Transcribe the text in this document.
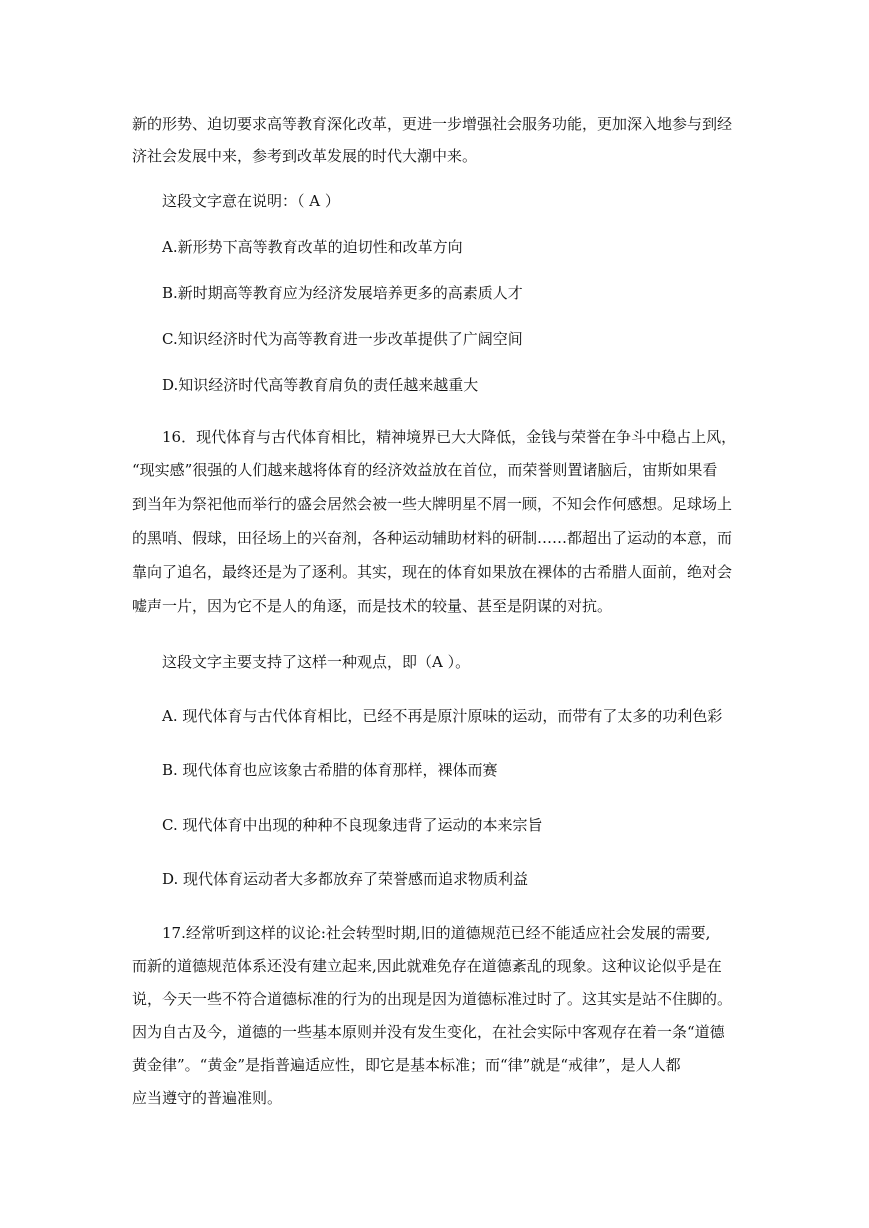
新的形势、迫切要求高等教育深化改革，更进一步增强社会服务功能，更加深入地参与到经
济社会发展中来，参考到改革发展的时代大潮中来。
这段文字意在说明：（ A ）
A.新形势下高等教育改革的迫切性和改革方向
B.新时期高等教育应为经济发展培养更多的高素质人才
C.知识经济时代为高等教育进一步改革提供了广阔空间
D.知识经济时代高等教育肩负的责任越来越重大
16．现代体育与古代体育相比，精神境界已大大降低，金钱与荣誉在争斗中稳占上风，
“现实感”很强的人们越来越将体育的经济效益放在首位，而荣誉则置诸脑后，宙斯如果看
到当年为祭祀他而举行的盛会居然会被一些大牌明星不屑一顾，不知会作何感想。足球场上
的黑哨、假球，田径场上的兴奋剂，各种运动辅助材料的研制……都超出了运动的本意，而
靠向了追名，最终还是为了逐利。其实，现在的体育如果放在裸体的古希腊人面前，绝对会
嘘声一片，因为它不是人的角逐，而是技术的较量、甚至是阴谋的对抗。
这段文字主要支持了这样一种观点，即（A ）。
A. 现代体育与古代体育相比，已经不再是原汁原味的运动，而带有了太多的功利色彩
B. 现代体育也应该象古希腊的体育那样，裸体而赛
C. 现代体育中出现的种种不良现象违背了运动的本来宗旨
D. 现代体育运动者大多都放弃了荣誉感而追求物质利益
17.经常听到这样的议论:社会转型时期,旧的道德规范已经不能适应社会发展的需要,
而新的道德规范体系还没有建立起来,因此就难免存在道德紊乱的现象。这种议论似乎是在
说，今天一些不符合道德标准的行为的出现是因为道德标准过时了。这其实是站不住脚的。
因为自古及今，道德的一些基本原则并没有发生变化，在社会实际中客观存在着一条“道德
黄金律”。“黄金”是指普遍适应性，即它是基本标准；而“律”就是“戒律”，是人人都
应当遵守的普遍准则。
